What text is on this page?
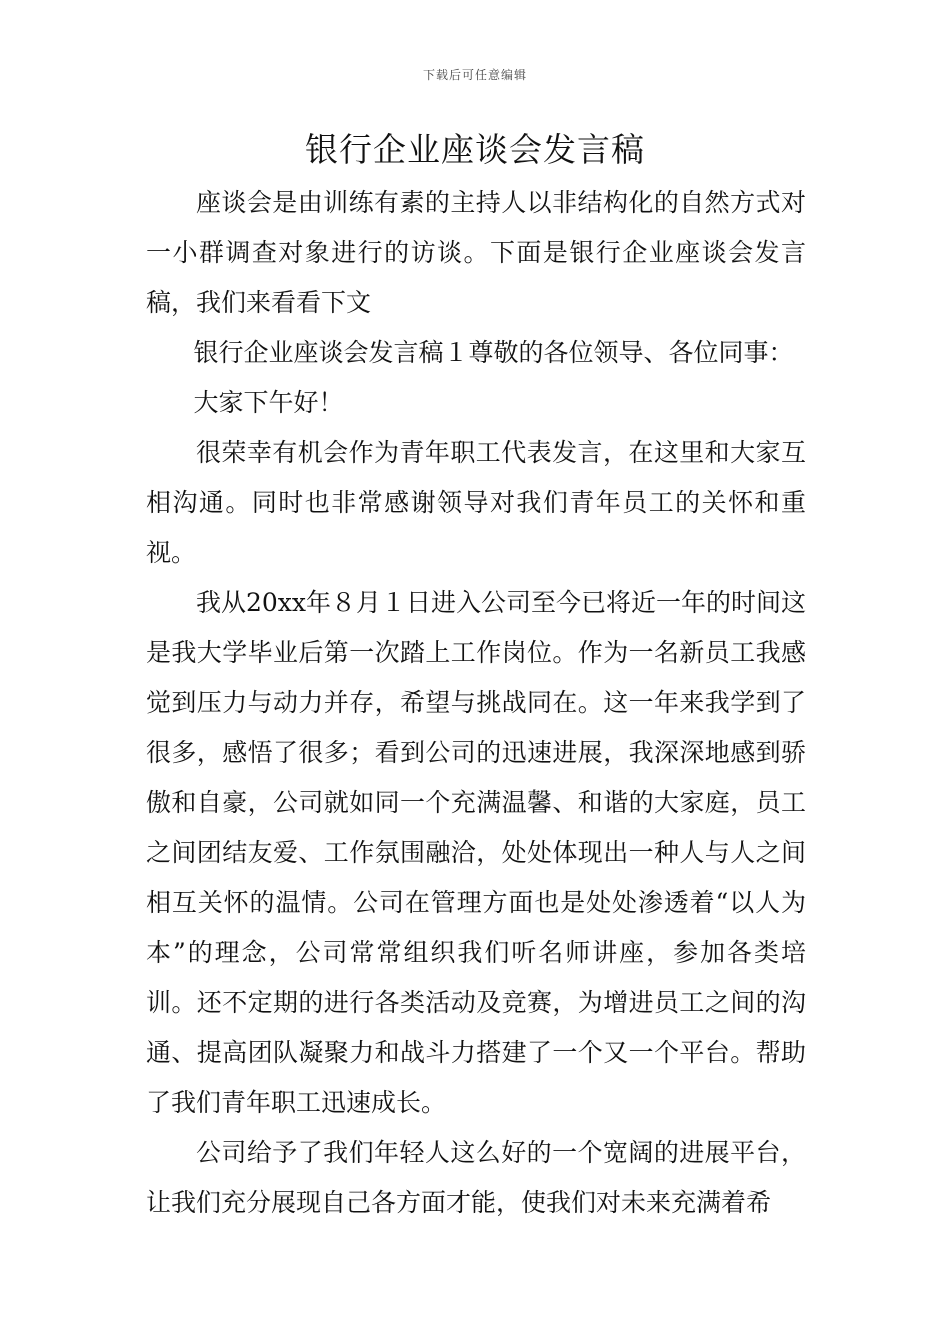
下载后可任意编辑
银行企业座谈会发言稿

座谈会是由训练有素的主持人以非结构化的自然方式对一小群调查对象进行的访谈。下面是银行企业座谈会发言稿，我们来看看下文

银行企业座谈会发言稿１尊敬的各位领导、各位同事：

大家下午好！

很荣幸有机会作为青年职工代表发言，在这里和大家互相沟通。同时也非常感谢领导对我们青年员工的关怀和重视。

我从20xx年８月１日进入公司至今已将近一年的时间这是我大学毕业后第一次踏上工作岗位。作为一名新员工我感觉到压力与动力并存，希望与挑战同在。这一年来我学到了很多，感悟了很多；看到公司的迅速进展，我深深地感到骄傲和自豪，公司就如同一个充满温馨、和谐的大家庭，员工之间团结友爱、工作氛围融洽，处处体现出一种人与人之间相互关怀的温情。公司在管理方面也是处处渗透着“以人为本”的理念，公司常常组织我们听名师讲座，参加各类培训。还不定期的进行各类活动及竞赛，为增进员工之间的沟通、提高团队凝聚力和战斗力搭建了一个又一个平台。帮助了我们青年职工迅速成长。

公司给予了我们年轻人这么好的一个宽阔的进展平台，让我们充分展现自己各方面才能，使我们对未来充满着希
